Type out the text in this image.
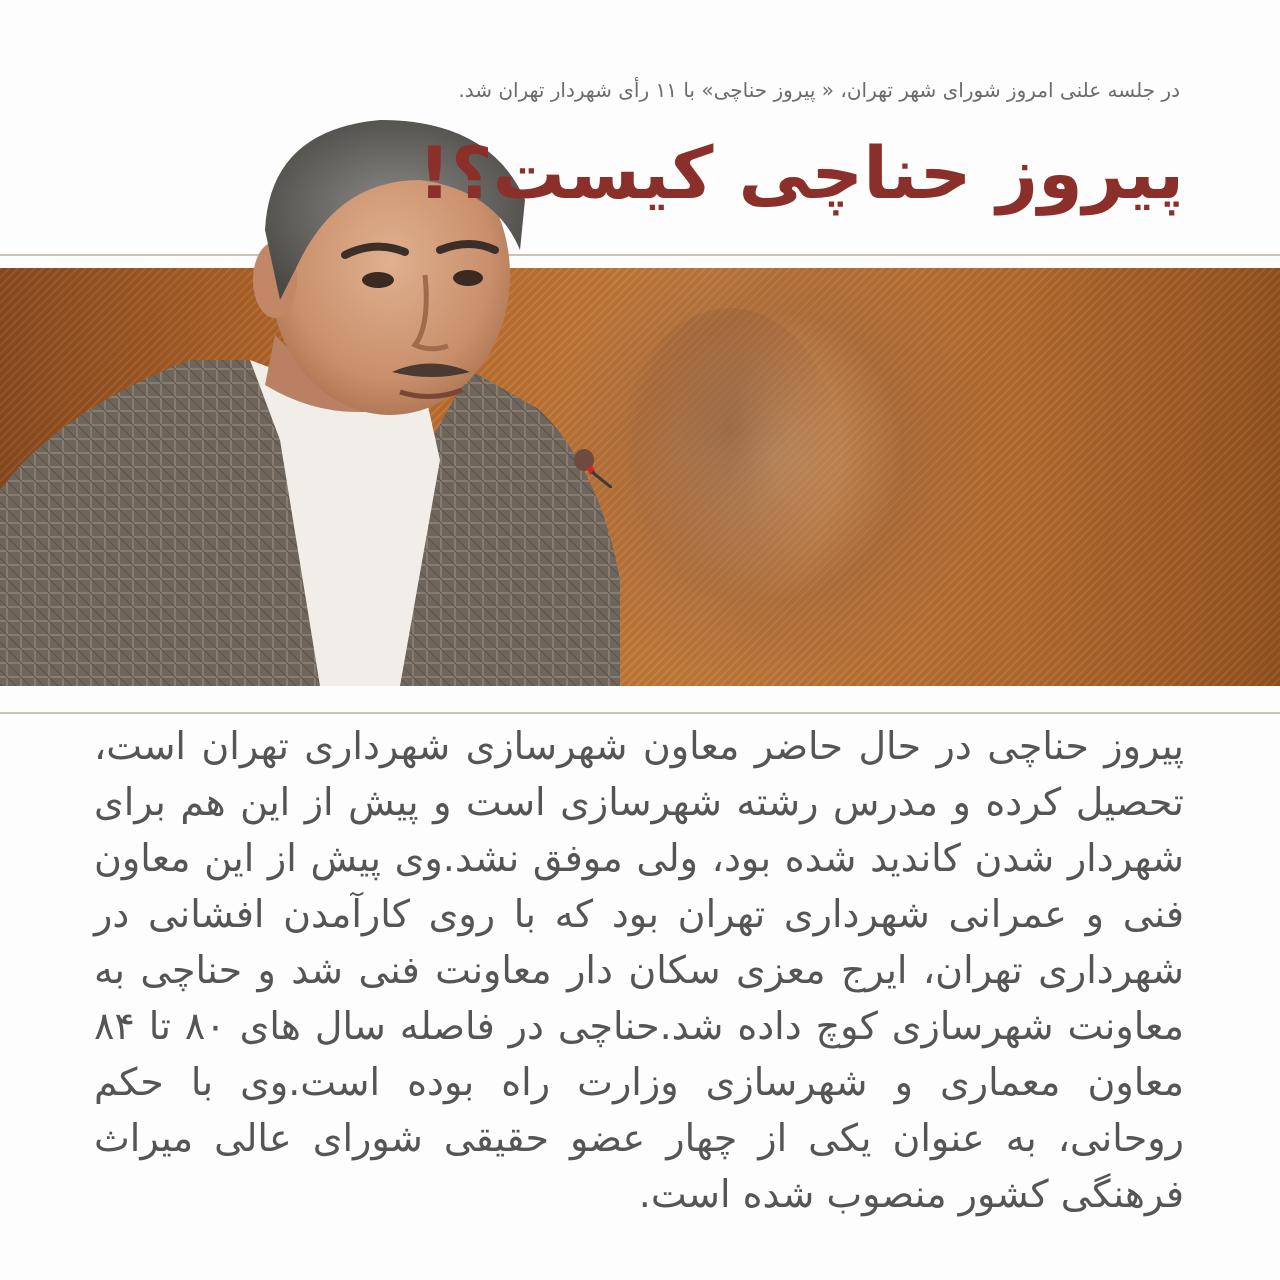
در جلسه علنی امروز شورای شهر تهران، « پیروز حناچی» با ۱۱ رأی شهردار تهران شد.
پیروز حناچی کیست؟!

پیروز حناچی در حال حاضر معاون شهرسازی شهرداری تهران است، تحصیل کرده و مدرس رشته شهرسازی است و پیش از این هم برای شهردار شدن کاندید شده بود، ولی موفق نشد.وی پیش از این معاون فنی و عمرانی شهرداری تهران بود که با روی کارآمدن افشانی در شهرداری تهران، ایرج معزی سکان دار معاونت فنی شد و حناچی به معاونت شهرسازی کوچ داده شد.حناچی در فاصله سال های ۸۰ تا ۸۴ معاون معماری و شهرسازی وزارت راه بوده است.وی با حکم روحانی، به عنوان یکی از چهار عضو حقیقی شورای عالی میراث فرهنگی کشور منصوب شده است.
